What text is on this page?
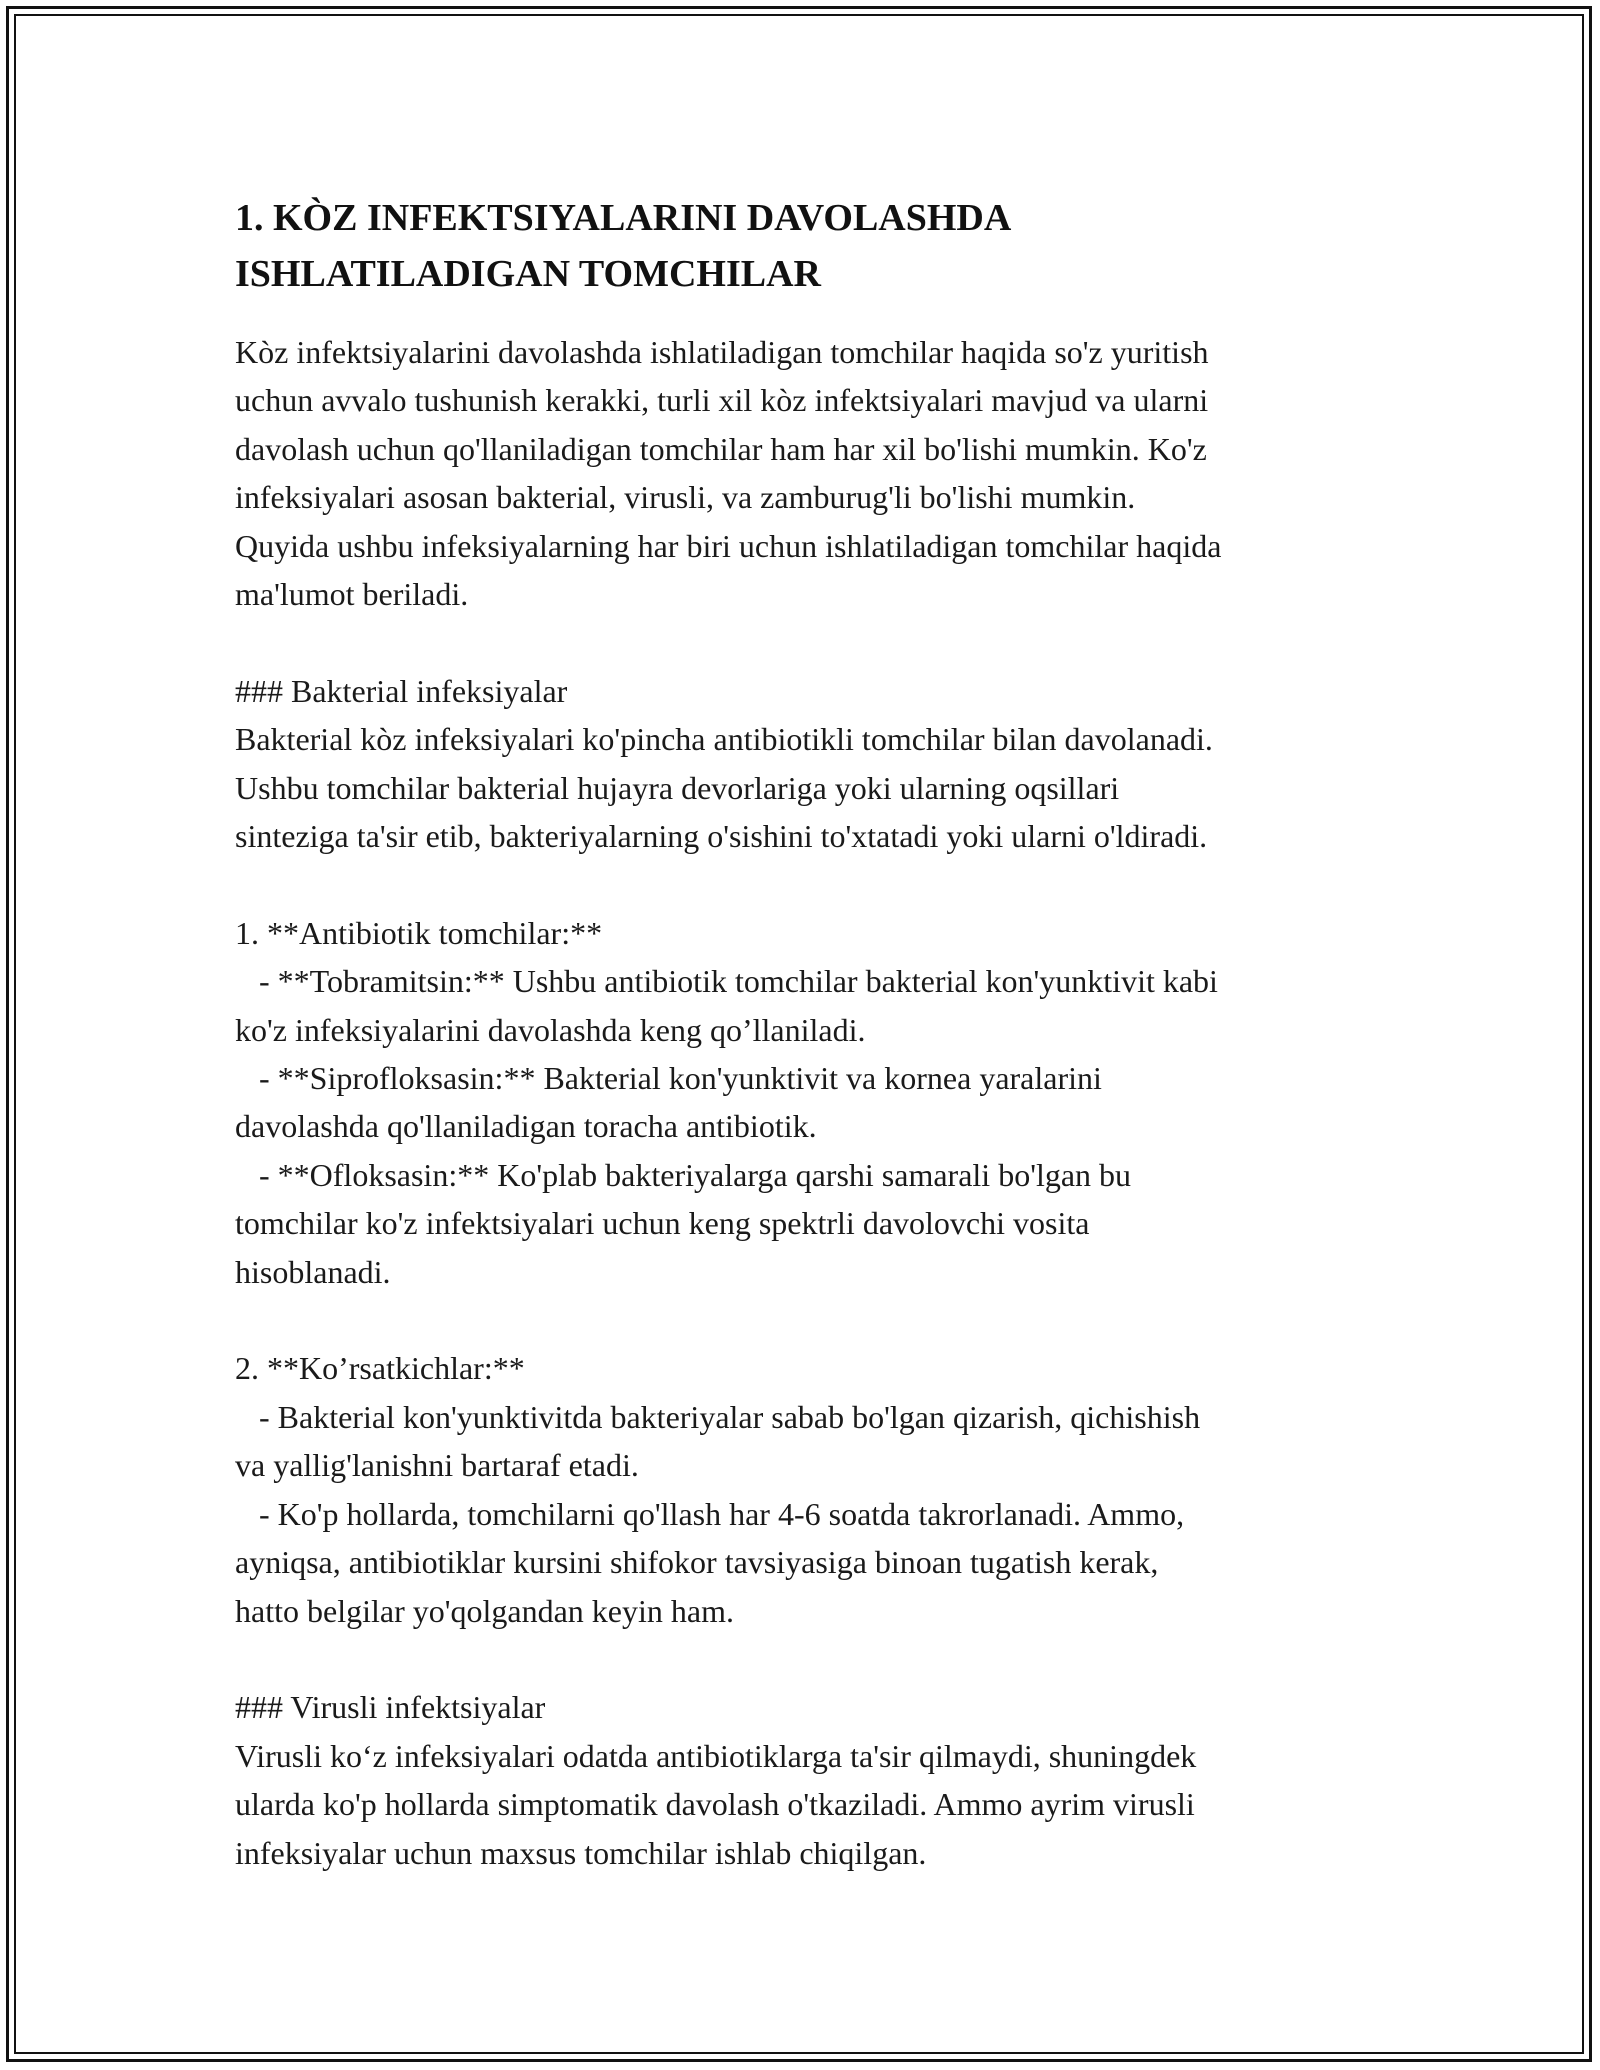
1. KÒZ INFEKTSIYALARINI DAVOLASHDA
ISHLATILADIGAN TOMCHILAR
Kòz infektsiyalarini davolashda ishlatiladigan tomchilar haqida so'z yuritish
uchun avvalo tushunish kerakki, turli xil kòz infektsiyalari mavjud va ularni
davolash uchun qo'llaniladigan tomchilar ham har xil bo'lishi mumkin. Ko'z
infeksiyalari asosan bakterial, virusli, va zamburug'li bo'lishi mumkin.
Quyida ushbu infeksiyalarning har biri uchun ishlatiladigan tomchilar haqida
ma'lumot beriladi.
### Bakterial infeksiyalar
Bakterial kòz infeksiyalari ko'pincha antibiotikli tomchilar bilan davolanadi.
Ushbu tomchilar bakterial hujayra devorlariga yoki ularning oqsillari
sinteziga ta'sir etib, bakteriyalarning o'sishini to'xtatadi yoki ularni o'ldiradi.
1. **Antibiotik tomchilar:**
- **Tobramitsin:** Ushbu antibiotik tomchilar bakterial kon'yunktivit kabi
ko'z infeksiyalarini davolashda keng qo’llaniladi.
- **Siprofloksasin:** Bakterial kon'yunktivit va kornea yaralarini
davolashda qo'llaniladigan toracha antibiotik.
- **Ofloksasin:** Ko'plab bakteriyalarga qarshi samarali bo'lgan bu
tomchilar ko'z infektsiyalari uchun keng spektrli davolovchi vosita
hisoblanadi.
2. **Ko’rsatkichlar:**
- Bakterial kon'yunktivitda bakteriyalar sabab bo'lgan qizarish, qichishish
va yallig'lanishni bartaraf etadi.
- Ko'p hollarda, tomchilarni qo'llash har 4-6 soatda takrorlanadi. Ammo,
ayniqsa, antibiotiklar kursini shifokor tavsiyasiga binoan tugatish kerak,
hatto belgilar yo'qolgandan keyin ham.
### Virusli infektsiyalar
Virusli ko‘z infeksiyalari odatda antibiotiklarga ta'sir qilmaydi, shuningdek
ularda ko'p hollarda simptomatik davolash o'tkaziladi. Ammo ayrim virusli
infeksiyalar uchun maxsus tomchilar ishlab chiqilgan.
